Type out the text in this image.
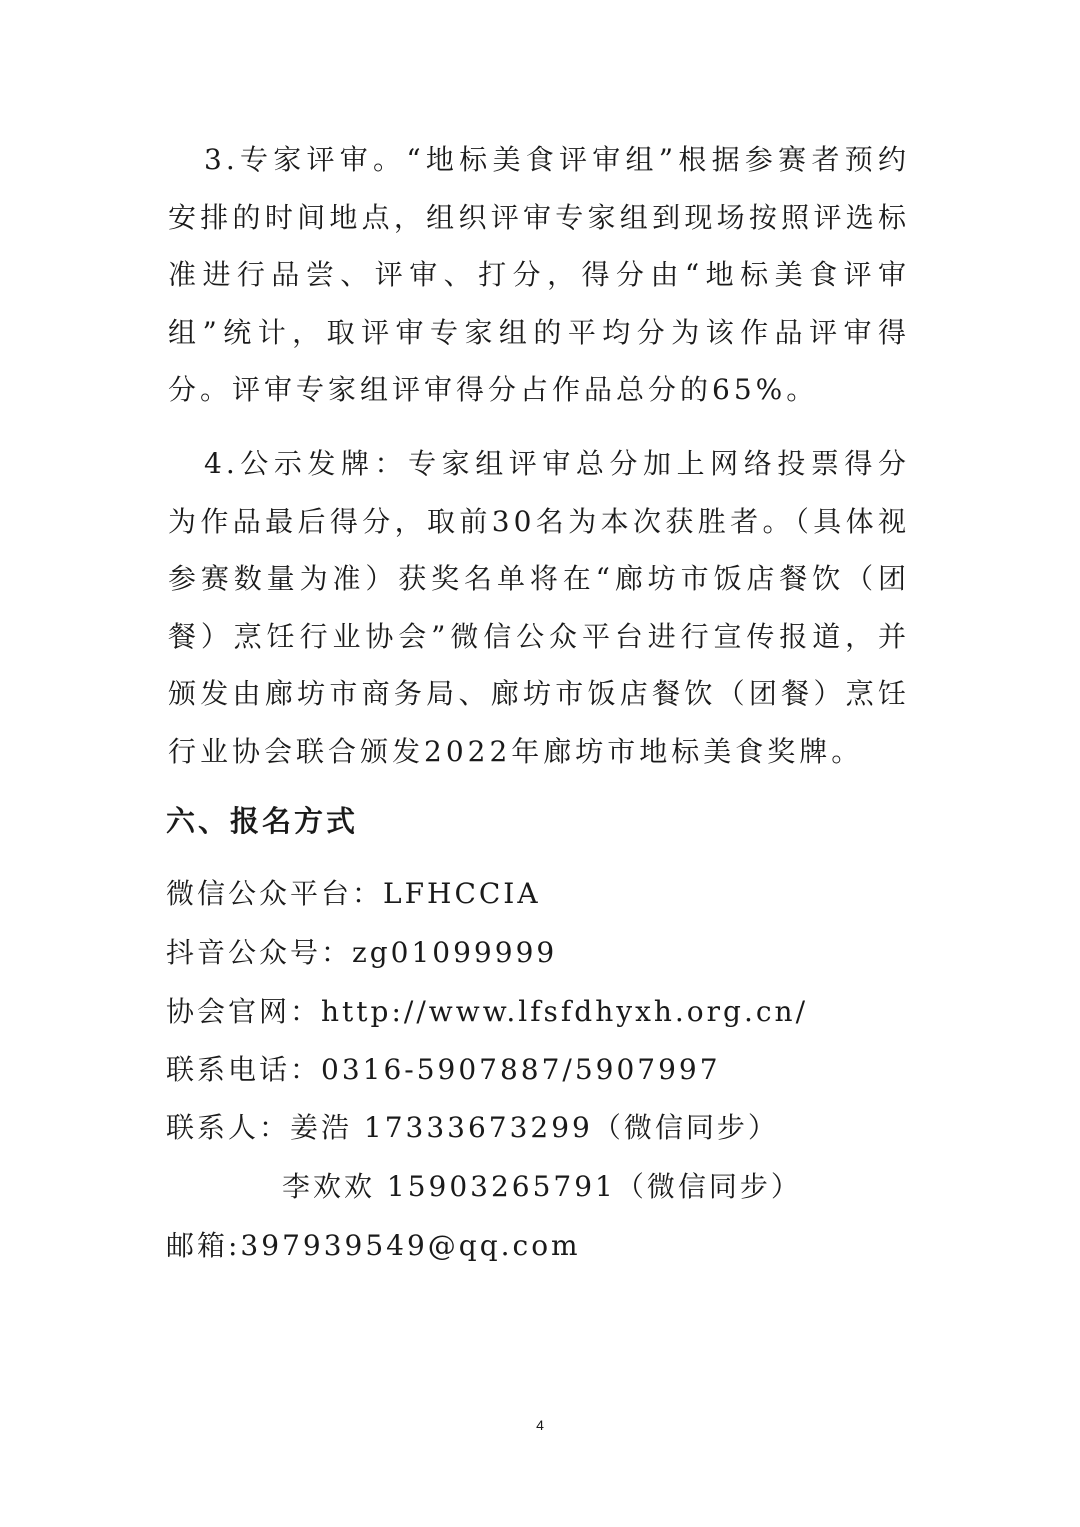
3.专家评审。“地标美食评审组”根据参赛者预约安排的时间地点，组织评审专家组到现场按照评选标准进行品尝、评审、打分，得分由“地标美食评审组”统计，取评审专家组的平均分为该作品评审得分。评审专家组评审得分占作品总分的65%。

4.公示发牌：专家组评审总分加上网络投票得分为作品最后得分，取前30名为本次获胜者。（具体视参赛数量为准）获奖名单将在“廊坊市饭店餐饮（团餐）烹饪行业协会”微信公众平台进行宣传报道，并颁发由廊坊市商务局、廊坊市饭店餐饮（团餐）烹饪行业协会联合颁发2022年廊坊市地标美食奖牌。

六、报名方式

微信公众平台：LFHCCIA

抖音公众号：zg01099999

协会官网：http://www.lfsfdhyxh.org.cn/

联系电话：0316-5907887/5907997

联系人：姜浩 17333673299（微信同步）

李欢欢 15903265791（微信同步）

邮箱:397939549@qq.com

4
